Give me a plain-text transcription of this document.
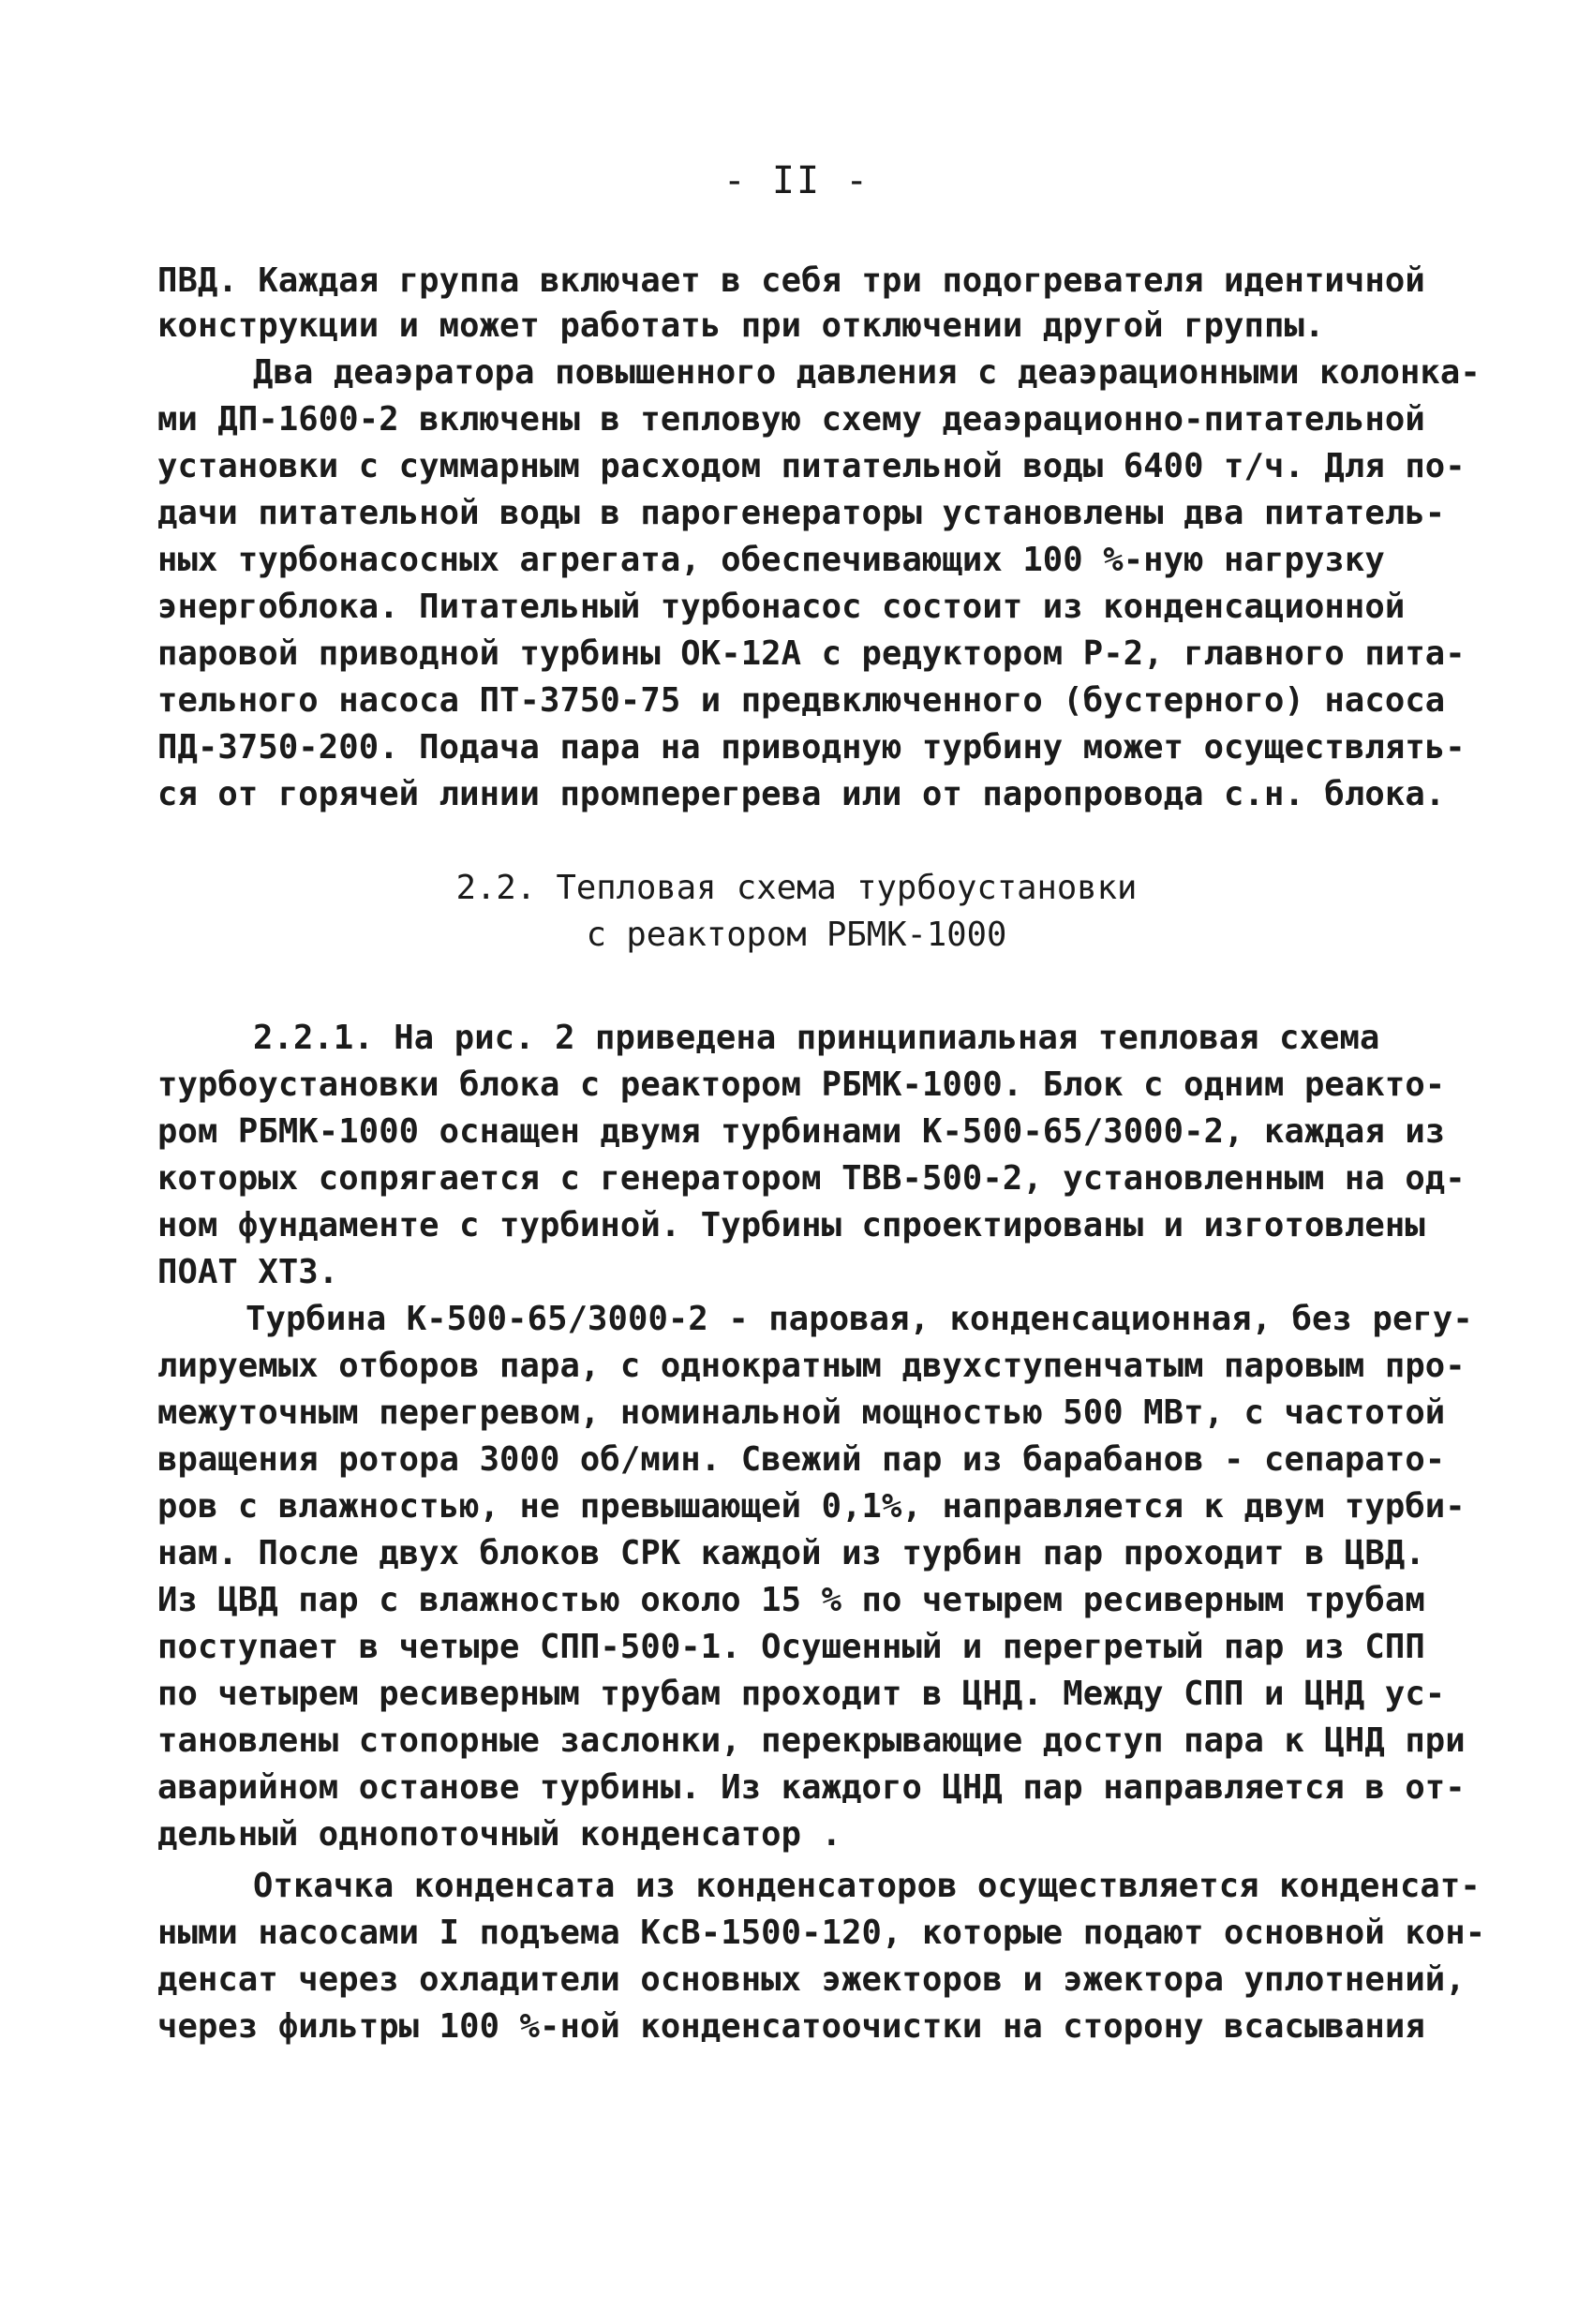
- II -
ПВД. Каждая группа включает в себя три подогревателя идентичной
конструкции и может работать при отключении другой группы.
Два деаэратора повышенного давления с деаэрационными колонка-
ми ДП-1600-2 включены в тепловую схему деаэрационно-питательной
установки с суммарным расходом питательной воды 6400 т/ч. Для по-
дачи питательной воды в парогенераторы установлены два питатель-
ных турбонасосных агрегата, обеспечивающих 100 %-ную нагрузку
энергоблока. Питательный турбонасос состоит из конденсационной
паровой приводной турбины ОК-12А с редуктором Р-2, главного пита-
тельного насоса ПТ-3750-75 и предвключенного (бустерного) насоса
ПД-3750-200. Подача пара на приводную турбину может осуществлять-
ся от горячей линии промперегрева или от паропровода с.н. блока.
2.2. Тепловая схема турбоустановки
с реактором РБМК-1000
2.2.1. На рис. 2 приведена принципиальная тепловая схема
турбоустановки блока с реактором РБМК-1000. Блок с одним реакто-
ром РБМК-1000 оснащен двумя турбинами К-500-65/3000-2, каждая из
которых сопрягается с генератором ТВВ-500-2, установленным на од-
ном фундаменте с турбиной. Турбины спроектированы и изготовлены
ПОАТ ХТЗ.
Турбина К-500-65/3000-2 - паровая, конденсационная, без регу-
лируемых отборов пара, с однократным двухступенчатым паровым про-
межуточным перегревом, номинальной мощностью 500 МВт, с частотой
вращения ротора 3000 об/мин. Свежий пар из барабанов - сепарато-
ров с влажностью, не превышающей 0,1%, направляется к двум турби-
нам. После двух блоков СРК каждой из турбин пар проходит в ЦВД.
Из ЦВД пар с влажностью около 15 % по четырем ресиверным трубам
поступает в четыре СПП-500-1. Осушенный и перегретый пар из СПП
по четырем ресиверным трубам проходит в ЦНД. Между СПП и ЦНД ус-
тановлены стопорные заслонки, перекрывающие доступ пара к ЦНД при
аварийном останове турбины. Из каждого ЦНД пар направляется в от-
дельный однопоточный конденсатор .
Откачка конденсата из конденсаторов осуществляется конденсат-
ными насосами I подъема КсВ-1500-120, которые подают основной кон-
денсат через охладители основных эжекторов и эжектора уплотнений,
через фильтры 100 %-ной конденсатоочистки на сторону всасывания
